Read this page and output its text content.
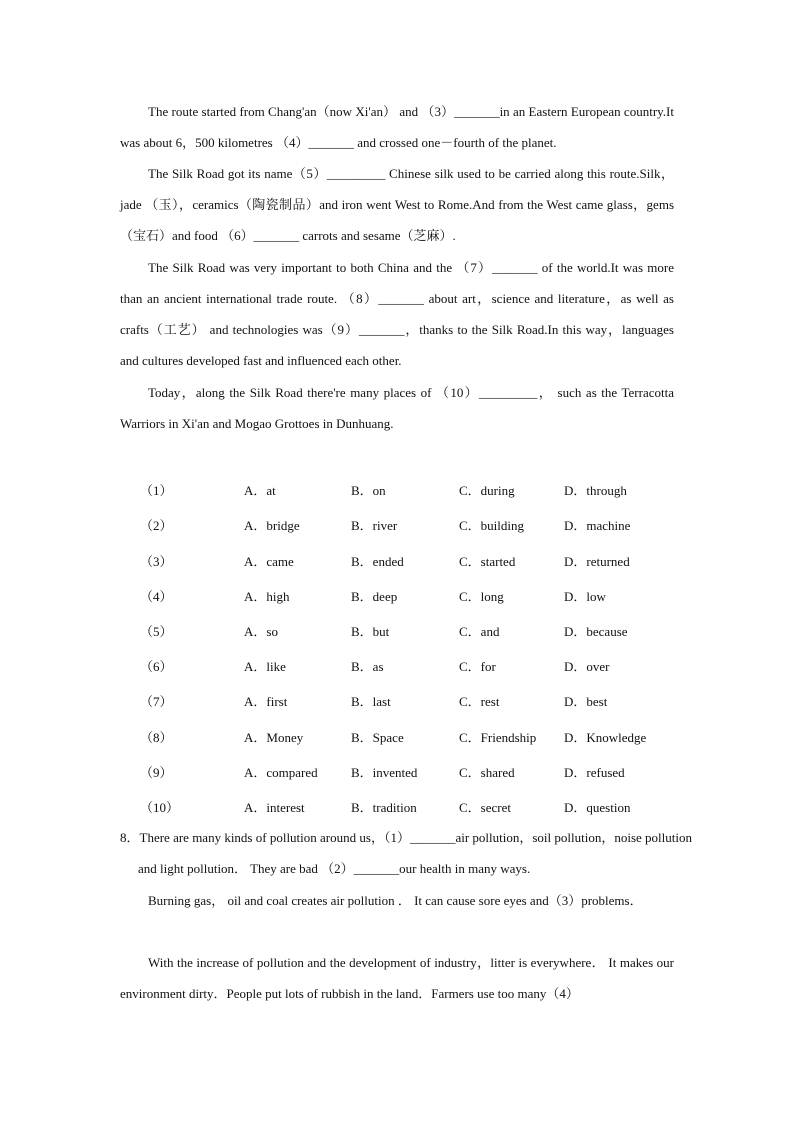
The route started from Chang'an（now Xi'an） and （3）_______in an Eastern European country.It was about 6，500 kilometres （4）_______ and crossed one－fourth of the planet.

The Silk Road got its name（5）_________ Chinese silk used to be carried along this route.Silk，jade （玉），ceramics（陶瓷制品）and iron went West to Rome.And from the West came glass，gems（宝石）and food （6）_______ carrots and sesame（芝麻）.

The Silk Road was very important to both China and the （7）_______ of the world.It was more than an ancient international trade route. （8）_______ about art，science and literature，as well as crafts（工艺） and technologies was（9）_______，thanks to the Silk Road.In this way，languages and cultures developed fast and influenced each other.

Today，along the Silk Road there're many places of （10）_________， such as the Terracotta Warriors in Xi'an and Mogao Grottoes in Dunhuang.

（1）	A．at	B．on	C．during	D．through
（2）	A．bridge	B．river	C．building	D．machine
（3）	A．came	B．ended	C．started	D．returned
（4）	A．high	B．deep	C．long	D．low
（5）	A．so	B．but	C．and	D．because
（6）	A．like	B．as	C．for	D．over
（7）	A．first	B．last	C．rest	D．best
（8）	A．Money	B．Space	C．Friendship D．Knowledge
（9）	A．compared	B．invented	C．shared	D．refused
（10）	A．interest	B．tradition	C．secret	D．question

8．There are many kinds of pollution around us，（1）_______air pollution，soil pollution，noise pollution and light pollution． They are bad （2）_______our health in many ways.

Burning gas， oil and coal creates air pollution ． It can cause sore eyes and（3）problems．

With the increase of pollution and the development of industry，litter is everywhere． It makes our environment dirty．People put lots of rubbish in the land．Farmers use too many（4）
